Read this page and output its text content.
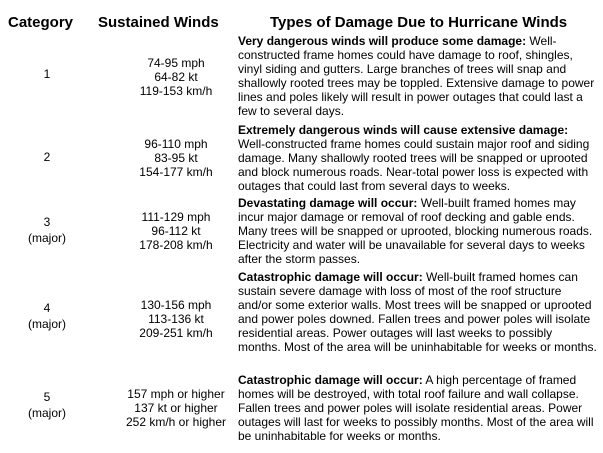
Category Sustained Winds	Types of Damage Due to Hurricane Winds
1
74-95 mph
64-82 kt
119-153 km/h
Very dangerous winds will produce some damage: Well-constructed frame homes could have damage to roof, shingles, vinyl siding and gutters. Large branches of trees will snap and shallowly rooted trees may be toppled. Extensive damage to power lines and poles likely will result in power outages that could last a few to several days.
2
96-110 mph
83-95 kt
154-177 km/h
Extremely dangerous winds will cause extensive damage: Well-constructed frame homes could sustain major roof and siding damage. Many shallowly rooted trees will be snapped or uprooted and block numerous roads. Near-total power loss is expected with outages that could last from several days to weeks.
3
(major)
111-129 mph
96-112 kt
178-208 km/h
Devastating damage will occur: Well-built framed homes may incur major damage or removal of roof decking and gable ends. Many trees will be snapped or uprooted, blocking numerous roads. Electricity and water will be unavailable for several days to weeks after the storm passes.
4
(major)
130-156 mph
113-136 kt
209-251 km/h
Catastrophic damage will occur: Well-built framed homes can sustain severe damage with loss of most of the roof structure and/or some exterior walls. Most trees will be snapped or uprooted and power poles downed. Fallen trees and power poles will isolate residential areas. Power outages will last weeks to possibly months. Most of the area will be uninhabitable for weeks or months.
5
(major)
157 mph or higher
137 kt or higher
252 km/h or higher
Catastrophic damage will occur: A high percentage of framed homes will be destroyed, with total roof failure and wall collapse. Fallen trees and power poles will isolate residential areas. Power outages will last for weeks to possibly months. Most of the area will be uninhabitable for weeks or months.
